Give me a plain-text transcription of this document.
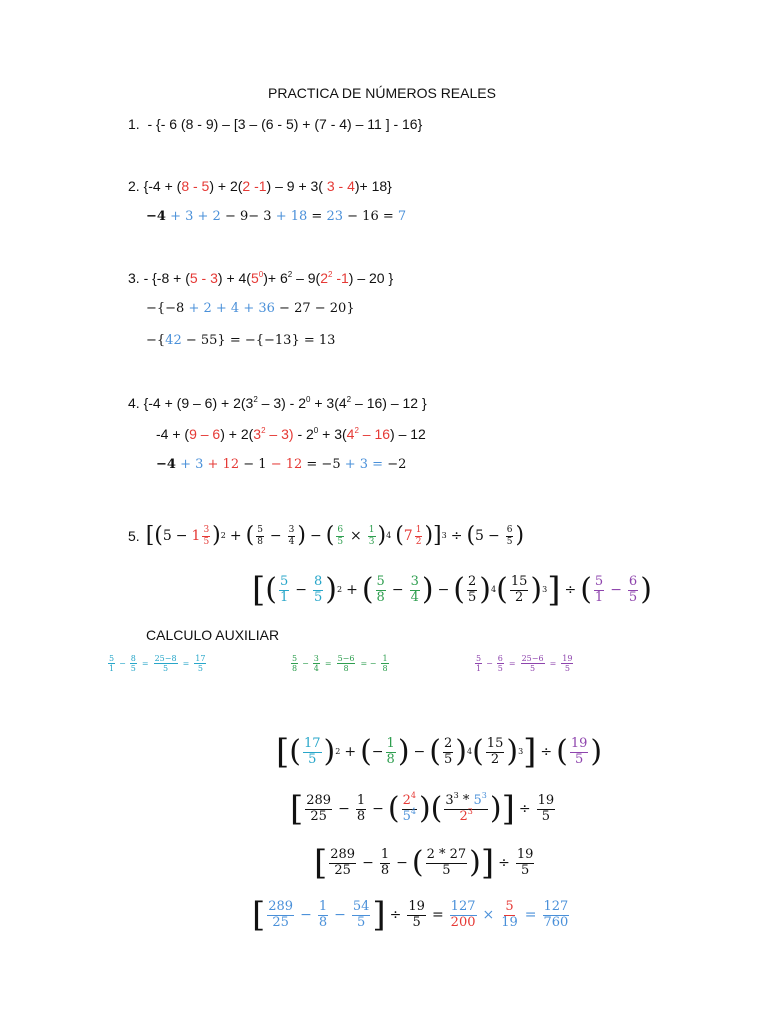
PRACTICA DE NÚMEROS REALES
1. - {- 6 (8 - 9) – [3 – (6 - 5) + (7 - 4) – 11 ] - 16}
2. {-4 + (8 - 5) + 2(2 -1) – 9 + 3( 3 - 4)+ 18}
−4 + 3 + 2 − 9− 3 + 18 = 23 − 16 = 7
3. - {$-8 + (5 - 3) + 4(5^0)+ 6^2 - 9(2^2$ -1) – 20 }
−{−8 + 2 + 4 + 36 − 27 − 20}
−{42 − 55} = −{−13} = 13
4. {$-4 + (9 - 6) + 2(3^2 - 3) - 2^0 + 3(4^2 - 16) - 12$ }
$-4 + (9 - 6) + 2(3^2 - 3) - 2^0 + 3(4^2 - 16) - 12$
−4 + 3 + 12 − 1 − 12 = −5 + 3 = −2
5. [( $5 - 1 \frac{3}{5}$ ) 2 + ( $\frac{5}{8} - \frac{3}{4}$ ) − ( $\frac{6}{5} \times \frac{1}{3}$ ) 4 ( $7 \frac{1}{2}$ )] 3 ÷ ( $5 - \frac{6}{5}$ )
[ ( $\frac{5}{1} - \frac{8}{5}$ ) 2 + ( $\frac{5}{8} - \frac{3}{4}$ ) − ( $\frac{2}{5}$ ) 4 ( $\frac{15}{2}$ ) 3 ] ÷ ( $\frac{5}{1} - \frac{6}{5}$ )
CALCULO AUXILIAR
$\frac{5}{1} - \frac{8}{5} = \frac{25-8}{5} = \frac{17}{5}$	$\frac{5}{8} - \frac{3}{4} = \frac{5-6}{8}$ = − $\frac{1}{8}$	$\frac{5}{1} - \frac{6}{5} = \frac{25-6}{5} = \frac{19}{5}$
[ ( $\frac{17}{5}$ ) 2 + ( − $\frac{1}{8}$ ) − ( $\frac{2}{5}$ ) 4 ( $\frac{15}{2}$ ) 3 ] ÷ ( $\frac{19}{5}$ )
[ $\frac{289}{25} - \frac{1}{8}$ − ( $\frac{2^4}{5^4}$ ) ( $\frac{3^3 * 5^3}{2^3}$ ) ] ÷ $\frac{19}{5}$
[ $\frac{289}{25} - \frac{1}{8}$ − ( $\frac{2 * 27}{5}$ ) ] ÷ $\frac{19}{5}$
[ $\frac{289}{25} - \frac{1}{8} - \frac{54}{5}$ ] ÷ $\frac{19}{5} = \frac{127}{200} \times \frac{5}{19} = \frac{127}{760}$
